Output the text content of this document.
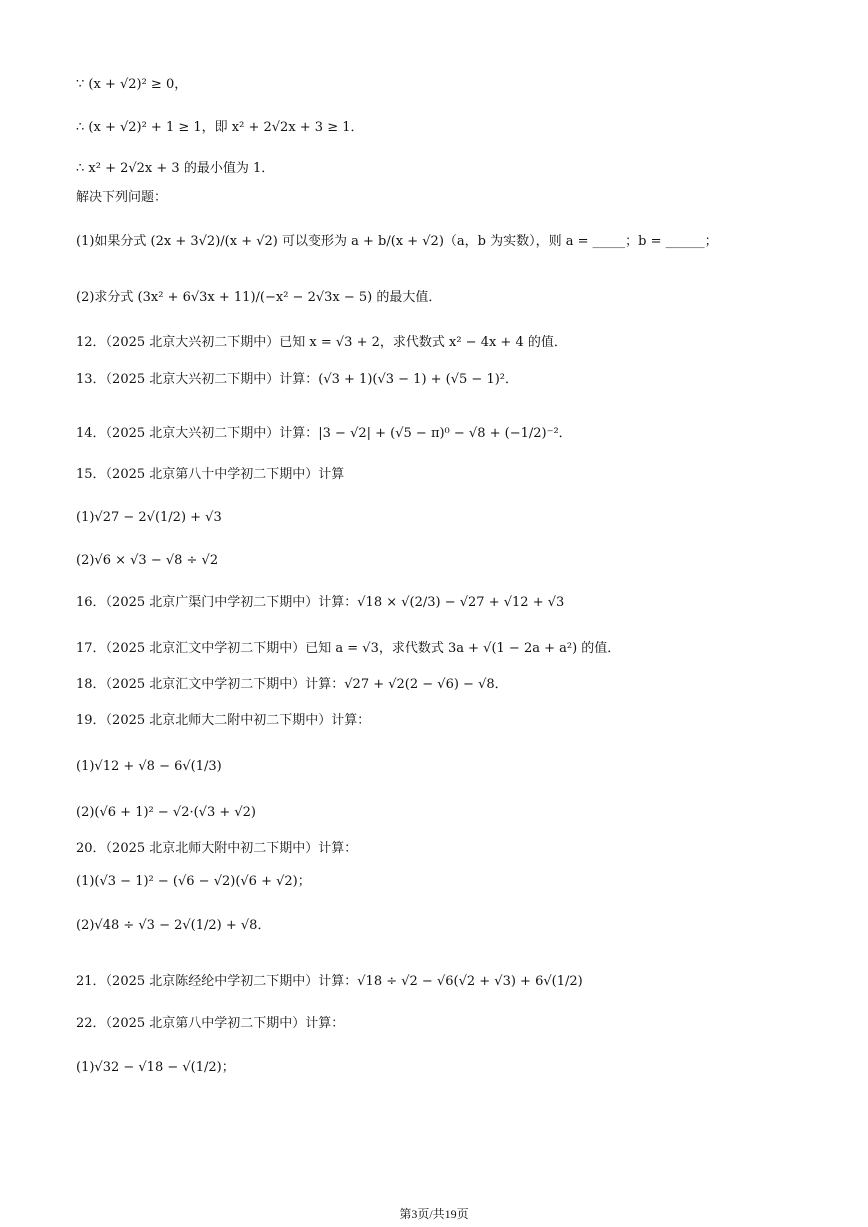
∵ (x + √2)² ≥ 0，
∴ (x + √2)² + 1 ≥ 1，即 x² + 2√2x + 3 ≥ 1．
∴ x² + 2√2x + 3 的最小值为 1．
解决下列问题：
(1)如果分式 (2x + 3√2)/(x + √2) 可以变形为 a + b/(x + √2)（a，b 为实数），则 a = _____；b = ______；
(2)求分式 (3x² + 6√3x + 11)/(−x² − 2√3x − 5) 的最大值．
12．（2025 北京大兴初二下期中）已知 x = √3 + 2，求代数式 x² − 4x + 4 的值．
13．（2025 北京大兴初二下期中）计算：(√3 + 1)(√3 − 1) + (√5 − 1)²．
14．（2025 北京大兴初二下期中）计算：|3 − √2| + (√5 − π)⁰ − √8 + (−1/2)⁻²．
15．（2025 北京第八十中学初二下期中）计算
(1)√27 − 2√(1/2) + √3
(2)√6 × √3 − √8 ÷ √2
16．（2025 北京广渠门中学初二下期中）计算：√18 × √(2/3) − √27 + √12 + √3
17．（2025 北京汇文中学初二下期中）已知 a = √3，求代数式 3a + √(1 − 2a + a²) 的值．
18．（2025 北京汇文中学初二下期中）计算：√27 + √2(2 − √6) − √8．
19．（2025 北京北师大二附中初二下期中）计算：
(1)√12 + √8 − 6√(1/3)
(2)(√6 + 1)² − √2·(√3 + √2)
20．（2025 北京北师大附中初二下期中）计算：
(1)(√3 − 1)² − (√6 − √2)(√6 + √2)；
(2)√48 ÷ √3 − 2√(1/2) + √8．
21．（2025 北京陈经纶中学初二下期中）计算：√18 ÷ √2 − √6(√2 + √3) + 6√(1/2)
22．（2025 北京第八中学初二下期中）计算：
(1)√32 − √18 − √(1/2)；
第3页/共19页
